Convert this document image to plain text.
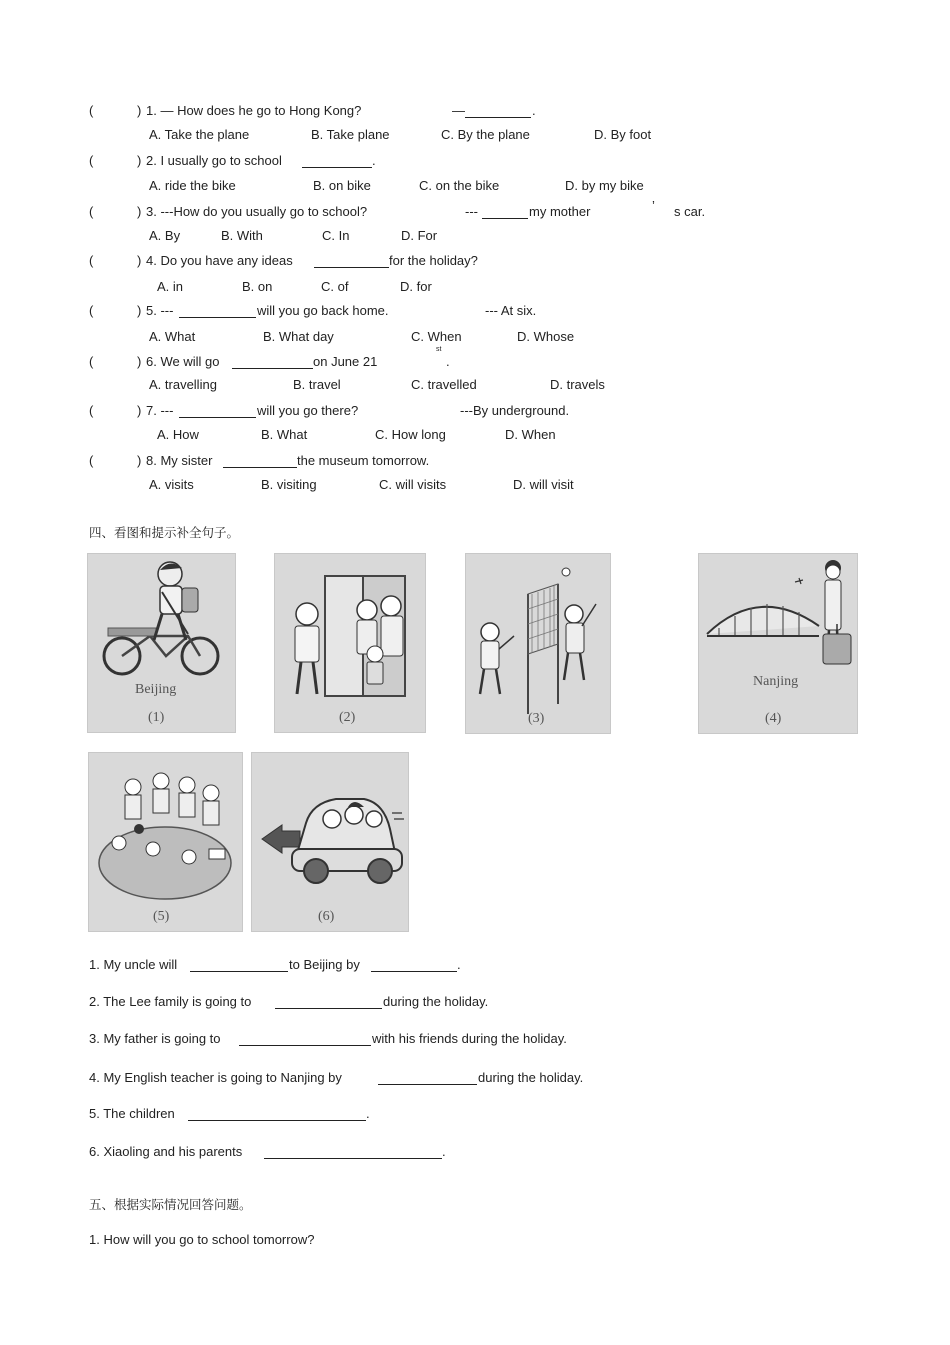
(	) 1. — How does he go to Hong Kong?	—	.
A. Take the plane	B. Take plane	C. By the plane	D. By foot
(	) 2. I usually go to school	.
A. ride the bike	B. on bike	C. on the bike	D. by my bike
(	) 3. ---How do you usually go to school?	---	my mother	’ s car.
A. By	B. With	C. In	D. For
(	) 4. Do you have any ideas	for the holiday?
A. in	B. on	C. of	D. for
(	) 5. ---	will you go back home.	--- At six.
A. What	B. What day	C. When	D. Whose
(	) 6. We will go	on June 21
st
.
A. travelling	B. travel	C. travelled	D. travels
(	) 7. ---	will you go there?	---By underground.
A. How	B. What	C. How long	D. When
(	) 8. My sister	the museum tomorrow.
A. visits	B. visiting	C. will visits	D. will visit
四、看图和提示补全句子。
Beijing
(1)	(2)	(3)
Nanjing
(4)
(5)	(6)
1. My uncle will	to Beijing by	.
2. The Lee family is going to	during the holiday.
3. My father is going to	with his friends during the holiday.
4. My English teacher is going to Nanjing by	during the holiday.
5. The children	.
6. Xiaoling and his parents	.
五、根据实际情况回答问题。
1. How will you go to school tomorrow?
